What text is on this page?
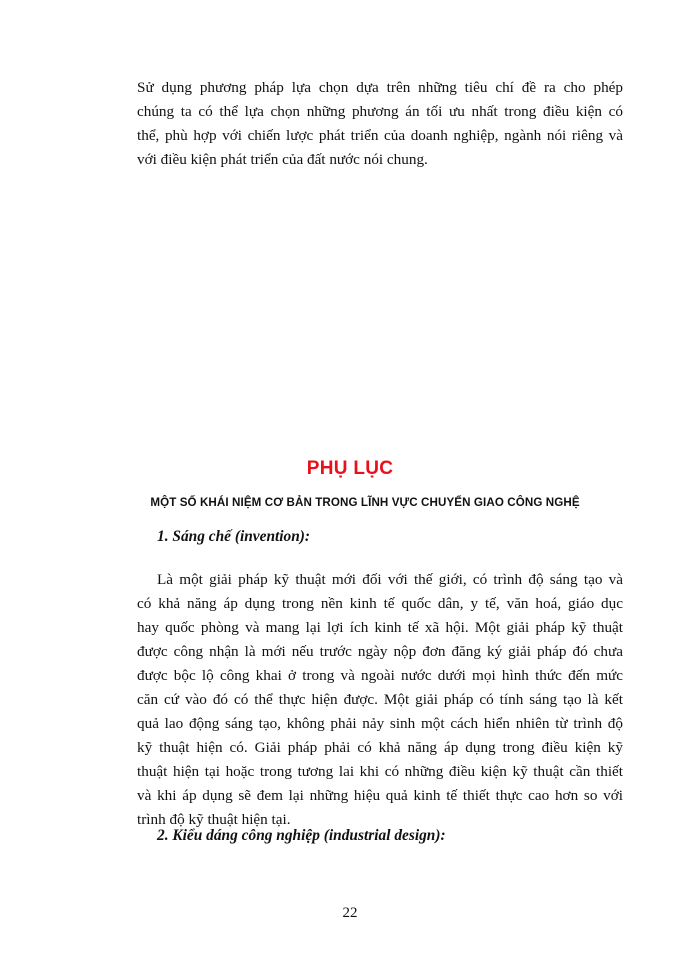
Sử dụng phương pháp lựa chọn dựa trên những tiêu chí đề ra cho phép
chúng ta có thể lựa chọn những phương án tối ưu nhất trong điều kiện có
thể, phù hợp với chiến lược phát triển của doanh nghiệp, ngành nói riêng và
với điều kiện phát triển của đất nước nói chung.

PHỤ LỤC
MỘT SỐ KHÁI NIỆM CƠ BẢN TRONG LĨNH VỰC CHUYỂN GIAO CÔNG NGHỆ
1. Sáng chế (invention):

Là một giải pháp kỹ thuật mới đối với thế giới, có trình độ sáng tạo và
có khả năng áp dụng trong nền kinh tế quốc dân, y tế, văn hoá, giáo dục
hay quốc phòng và mang lại lợi ích kinh tế xã hội. Một giải pháp kỹ thuật
được công nhận là mới nếu trước ngày nộp đơn đăng ký giải pháp đó chưa
được bộc lộ công khai ở trong và ngoài nước dưới mọi hình thức đến mức
căn cứ vào đó có thể thực hiện được. Một giải pháp có tính sáng tạo là kết
quả lao động sáng tạo, không phải nảy sinh một cách hiển nhiên từ trình độ
kỹ thuật hiện có. Giải pháp phải có khả năng áp dụng trong điều kiện kỹ
thuật hiện tại hoặc trong tương lai khi có những điều kiện kỹ thuật cần thiết
và khi áp dụng sẽ đem lại những hiệu quả kinh tế thiết thực cao hơn so với
trình độ kỹ thuật hiện tại.

2. Kiểu dáng công nghiệp (industrial design):
22
